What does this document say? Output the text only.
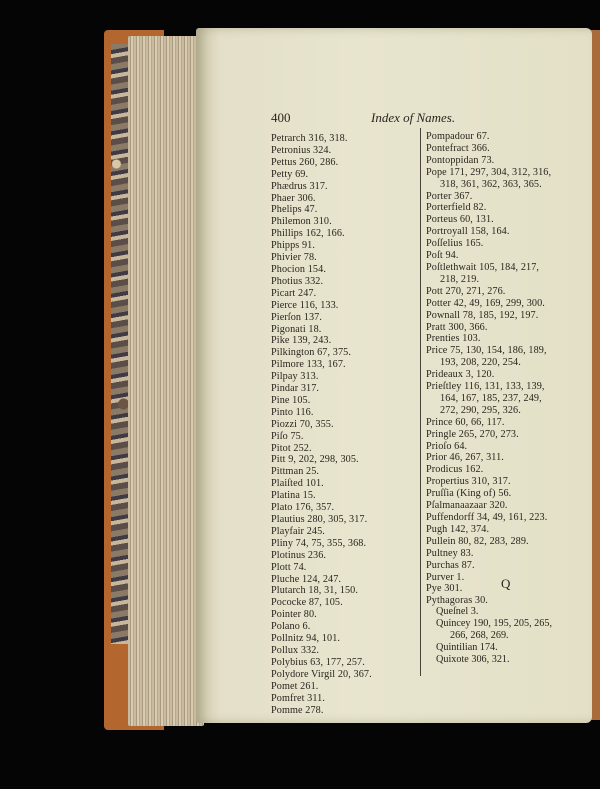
400	Index of Names.
Petrarch 316, 318.
Petronius 324.
Pettus 260, 286.
Petty 69.
Phædrus 317.
Phaer 306.
Phelips 47.
Philemon 310.
Phillips 162, 166.
Phipps 91.
Phivier 78.
Phocion 154.
Photius 332.
Picart 247.
Pierce 116, 133.
Pierſon 137.
Pigonati 18.
Pike 139, 243.
Pilkington 67, 375.
Pilmore 133, 167.
Pilpay 313.
Pindar 317.
Pine 105.
Pinto 116.
Piozzi 70, 355.
Piſo 75.
Pitot 252.
Pitt 9, 202, 298, 305.
Pittman 25.
Plaiſted 101.
Platina 15.
Plato 176, 357.
Plautius 280, 305, 317.
Playfair 245.
Pliny 74, 75, 355, 368.
Plotinus 236.
Plott 74.
Pluche 124, 247.
Plutarch 18, 31, 150.
Pococke 87, 105.
Pointer 80.
Polano 6.
Pollnitz 94, 101.
Pollux 332.
Polybius 63, 177, 257.
Polydore Virgil 20, 367.
Pomet 261.
Pomfret 311.
Pomme 278.
Pompadour 67.
Pontefract 366.
Pontoppidan 73.
Pope 171, 297, 304, 312, 316,
318, 361, 362, 363, 365.
Porter 367.
Porterfield 82.
Porteus 60, 131.
Portroyall 158, 164.
Poſſelius 165.
Poſt 94.
Poſtlethwait 105, 184, 217,
218, 219.
Pott 270, 271, 276.
Potter 42, 49, 169, 299, 300.
Pownall 78, 185, 192, 197.
Pratt 300, 366.
Prenties 103.
Price 75, 130, 154, 186, 189,
193, 208, 220, 254.
Prideaux 3, 120.
Prieſtley 116, 131, 133, 139,
164, 167, 185, 237, 249,
272, 290, 295, 326.
Prince 60, 66, 117.
Pringle 265, 270, 273.
Prioſo 64.
Prior 46, 267, 311.
Prodicus 162.
Propertius 310, 317.
Pruſſia (King of) 56.
Pſalmanaazaar 320.
Puffendorff 34, 49, 161, 223.
Pugh 142, 374.
Pullein 80, 82, 283, 289.
Pultney 83.
Purchas 87.
Purver 1.
Pye 301.
Pythagoras 30.
Q
Queſnel 3.
Quincey 190, 195, 205, 265,
266, 268, 269.
Quintilian 174.
Quixote 306, 321.
